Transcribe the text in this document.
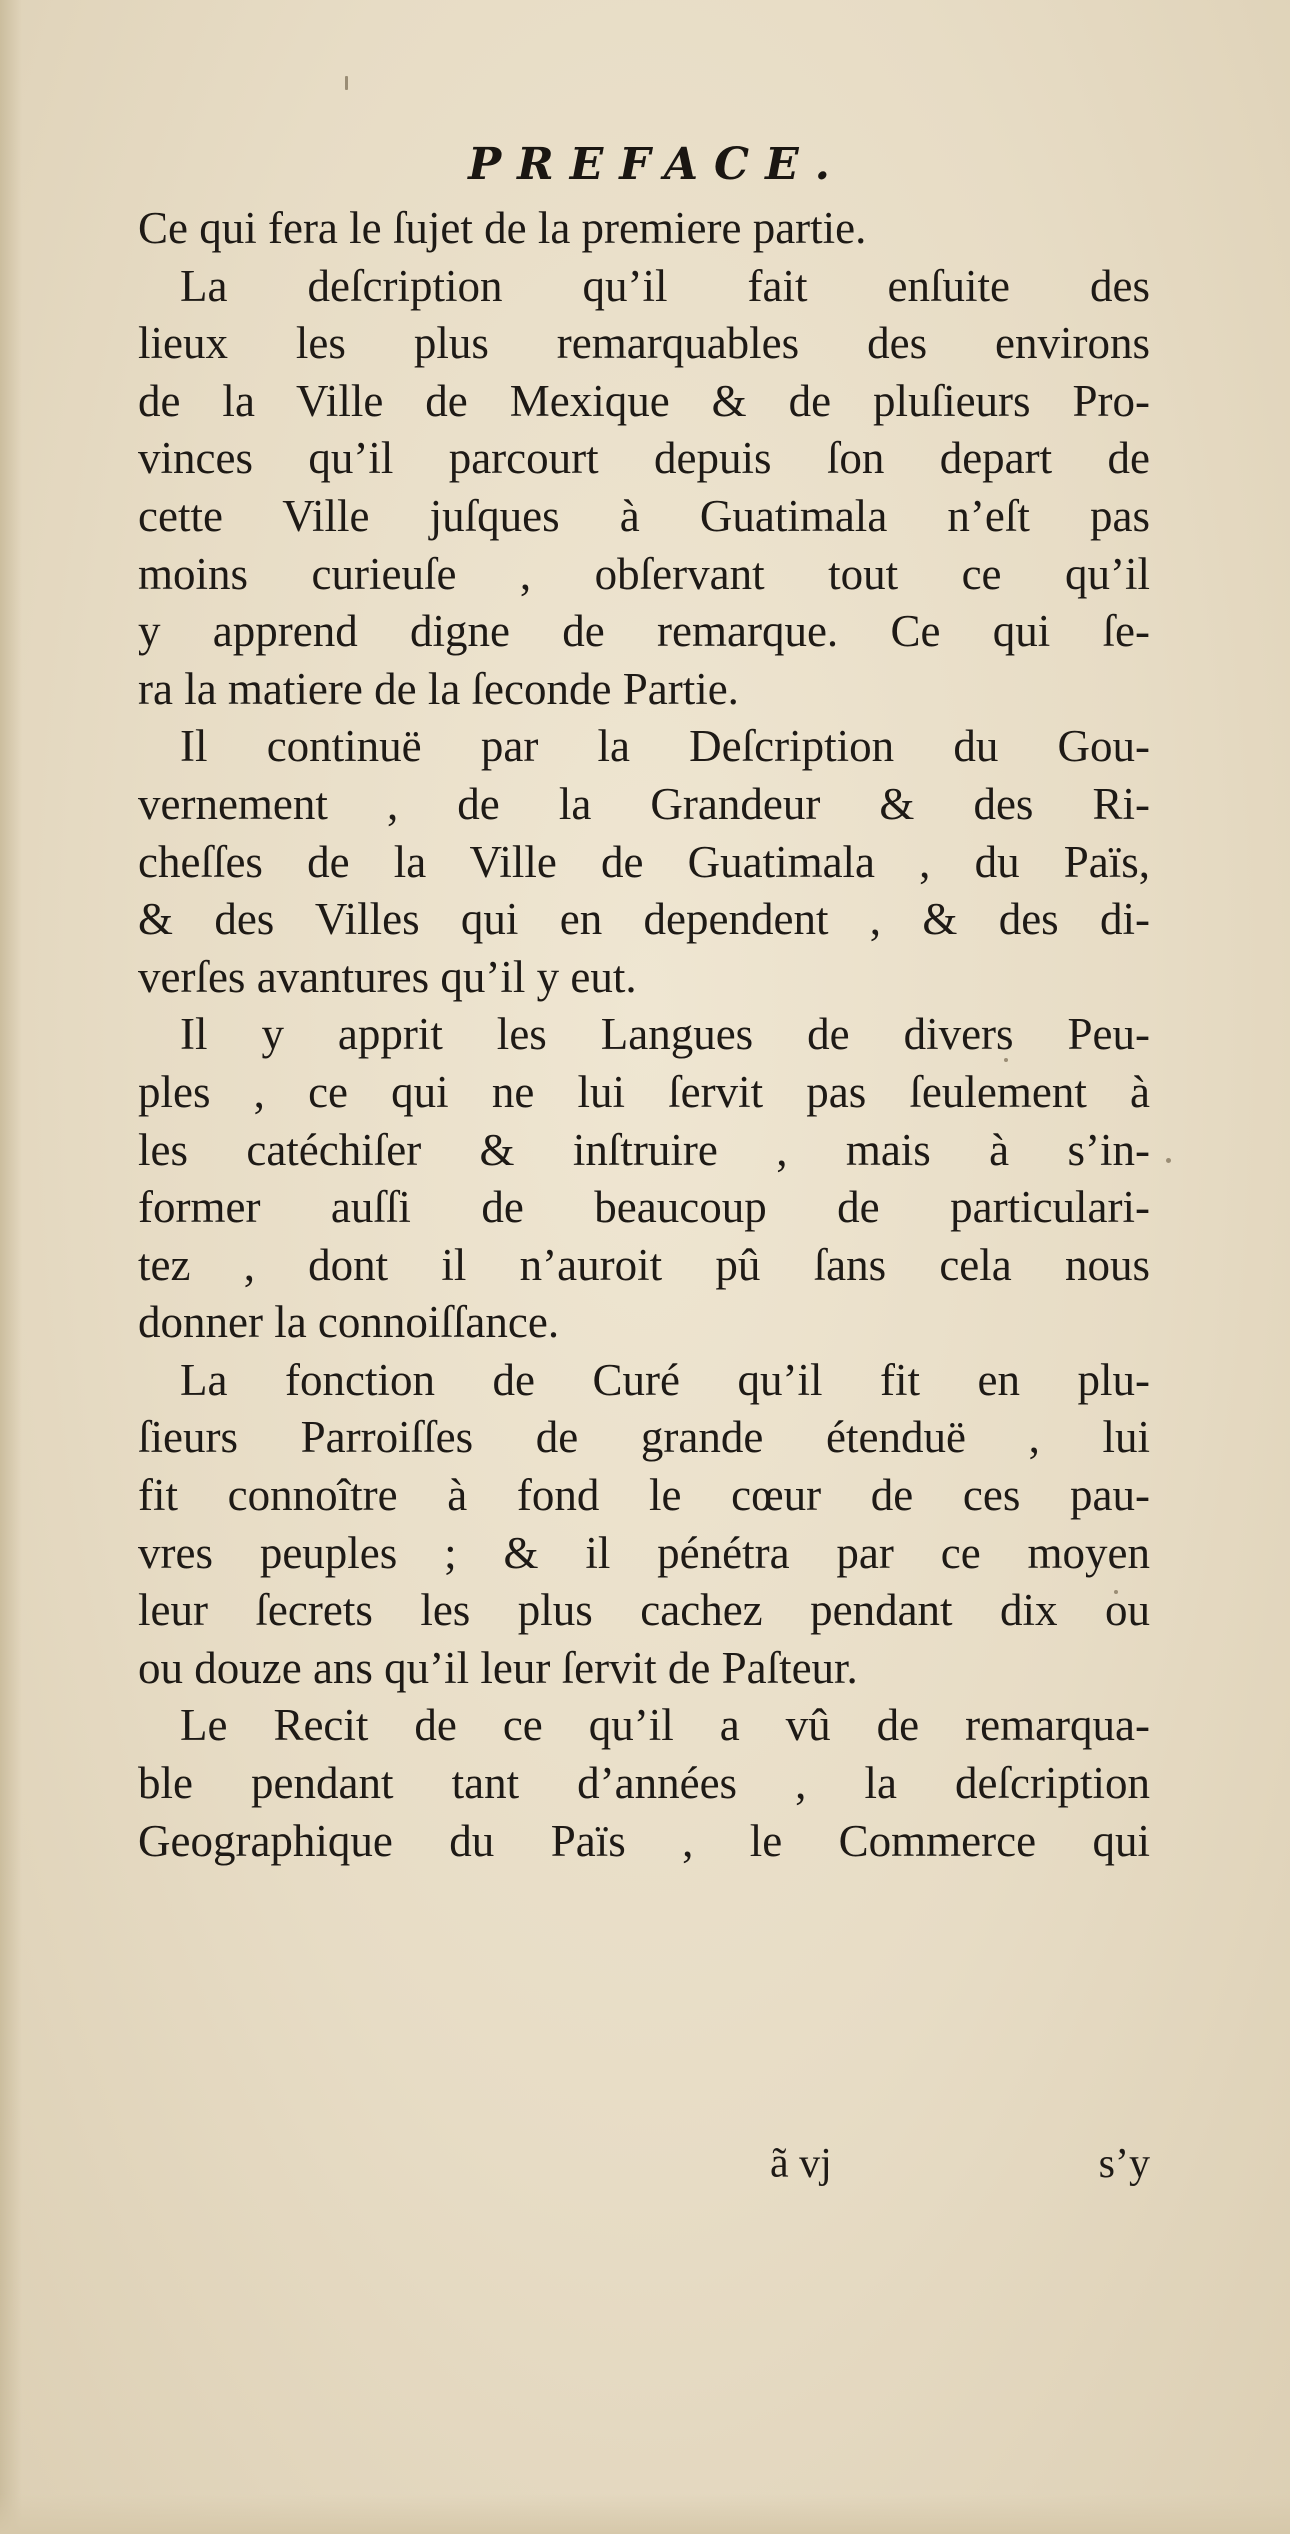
PREFACE.
Ce qui fera le ſujet de la premiere partie.
La deſcription qu’il fait enſuite des
lieux les plus remarquables des environs
de la Ville de Mexique & de pluſieurs Pro-
vinces qu’il parcourt depuis ſon depart de
cette Ville juſques à Guatimala n’eſt pas
moins curieuſe , obſervant tout ce qu’il
y apprend digne de remarque. Ce qui ſe-
ra la matiere de la ſeconde Partie.
Il continuë par la Deſcription du Gou-
vernement , de la Grandeur & des Ri-
cheſſes de la Ville de Guatimala , du Païs,
& des Villes qui en dependent , & des di-
verſes avantures qu’il y eut.
Il y apprit les Langues de divers Peu-
ples , ce qui ne lui ſervit pas ſeulement à
les catéchiſer & inſtruire , mais à s’in-
former auſſi de beaucoup de particulari-
tez , dont il n’auroit pû ſans cela nous
donner la connoiſſance.
La fonction de Curé qu’il fit en plu-
ſieurs Parroiſſes de grande étenduë , lui
fit connoître à fond le cœur de ces pau-
vres peuples ; & il pénétra par ce moyen
leur ſecrets les plus cachez pendant dix ou
ou douze ans qu’il leur ſervit de Paſteur.
Le Recit de ce qu’il a vû de remarqua-
ble pendant tant d’années , la deſcription
Geographique du Païs , le Commerce qui
ã vj	s’y
